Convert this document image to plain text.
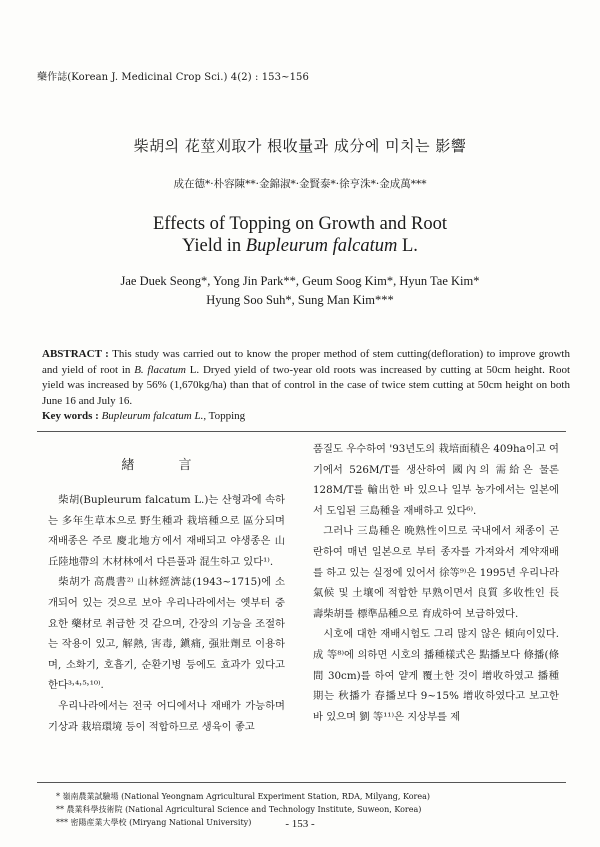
藥作誌(Korean J. Medicinal Crop Sci.) 4(2) : 153~156
柴胡의 花莖刈取가 根收量과 成分에 미치는 影響
成在德*·朴容陳**·金錦淑*·金賢泰*·徐亨洙*·金成萬***
Effects of Topping on Growth and Root
Yield in Bupleurum falcatum L.
Jae Duek Seong*, Yong Jin Park**, Geum Soog Kim*, Hyun Tae Kim*
Hyung Soo Suh*, Sung Man Kim***
ABSTRACT : This study was carried out to know the proper method of stem cutting(defloration) to improve growth and yield of root in B. flacatum L. Dryed yield of two-year old roots was increased by cutting at 50cm height. Root yield was increased by 56% (1,670kg/ha) than that of control in the case of twice stem cutting at 50cm height on both June 16 and July 16.
Key words : Bupleurum falcatum L., Topping
緖 言

柴胡(Bupleurum falcatum L.)는 산형과에 속하는 多年生草本으로 野生種과 栽培種으로 區分되며 재배종은 주로 慶北地方에서 재배되고 야생종은 山丘陸地帶의 木材林에서 다른풀과 混生하고 있다¹⁾.

柴胡가 高農書²⁾ 山林經濟誌(1943~1715)에 소개되어 있는 것으로 보아 우리나라에서는 옛부터 중요한 藥材로 취급한 것 같으며, 간장의 기능을 조절하는 작용이 있고, 解熱, 害毒, 鎭痛, 强壯劑로 이용하며, 소화기, 호흡기, 순환기병 등에도 효과가 있다고 한다³˒⁴˒⁵˒¹⁰⁾.

우리나라에서는 전국 어디에서나 재배가 가능하며 기상과 栽培環境 등이 적합하므로 생육이 좋고

품질도 우수하여 '93년도의 栽培面積은 409ha이고 여기에서 526M/T를 생산하여 國內의 需給은 물론 128M/T를 輸出한 바 있으나 일부 농가에서는 일본에서 도입된 三島種을 재배하고 있다⁶⁾.

그러나 三島種은 晩熟性이므로 국내에서 채종이 곤란하여 매년 일본으로 부터 종자를 가져와서 계약재배를 하고 있는 실정에 있어서 徐等⁹⁾은 1995년 우리나라 氣候 및 土壤에 적합한 早熟이면서 良質 多收性인 長壽柴胡를 標準品種으로 育成하여 보급하였다.

시호에 대한 재배시험도 그리 많지 않은 傾向이있다. 成 等⁸⁾에 의하면 시호의 播種樣式은 點播보다 條播(條間 30cm)를 하여 얕게 覆土한 것이 增收하였고 播種期는 秋播가 春播보다 9~15% 增收하였다고 보고한 바 있으며 劉 等¹¹⁾은 지상부를 제

* 嶺南農業試驗場 (National Yeongnam Agricultural Experiment Station, RDA, Milyang, Korea)
** 農業科學技術院 (National Agricultural Science and Technology Institute, Suweon, Korea)
*** 密陽産業大學校 (Miryang National University)	- 153 -
